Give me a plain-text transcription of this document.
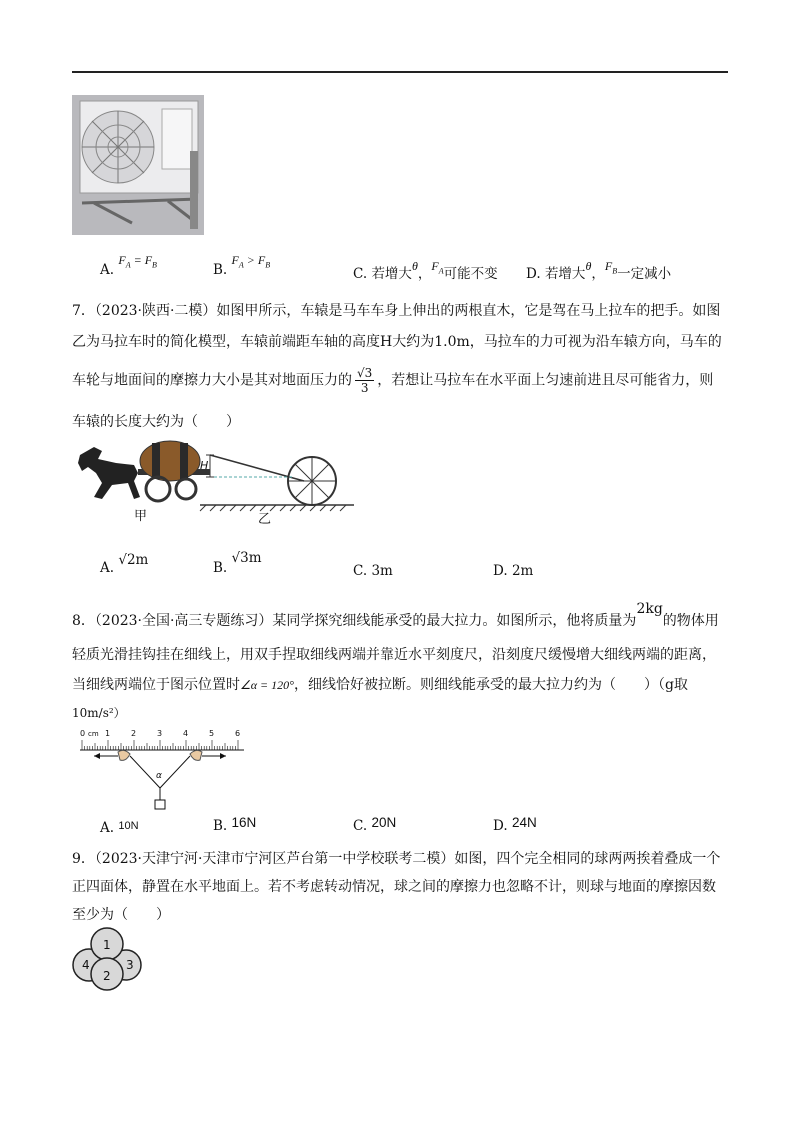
A. $F_A = F_B$	B. $F_A > F_B$
C. 若增大θ，$F_A$可能不变 D. 若增大θ，$F_B$一定减小
7．（2023·陕西·二模）如图甲所示，车辕是马车车身上伸出的两根直木，它是驾在马上拉车的把手。如图
乙为马拉车时的简化模型，车辕前端距车轴的高度H大约为1.0m，马拉车的力可视为沿车辕方向，马车的
车轮与地面间的摩擦力大小是其对地面压力的 $\frac{√3}{3}$ ，若想让马拉车在水平面上匀速前进且尽可能省力，则
车辕的长度大约为（　　）
甲
H
乙
A. √2m	B. √3m
C. 3m	D. 2m
8．（2023·全国·高三专题练习）某同学探究细线能承受的最大拉力。如图所示，他将质量为2kg的物体用
轻质光滑挂钩挂在细线上，用双手捏取细线两端并靠近水平刻度尺，沿刻度尺缓慢增大细线两端的距离，
当细线两端位于图示位置时∠α = 120°，细线恰好被拉断。则细线能承受的最大拉力约为（　　）（g取
10m/s²）
0 cm 1	2	3	4	5	6
α
A. $^{10N}$	B. 16N	C. 20N	D. 24N
9．（2023·天津宁河·天津市宁河区芦台第一中学校联考二模）如图，四个完全相同的球两两挨着叠成一个
正四面体，静置在水平地面上。若不考虑转动情况，球之间的摩擦力也忽略不计，则球与地面的摩擦因数
至少为（　　）
1
2
3
4
